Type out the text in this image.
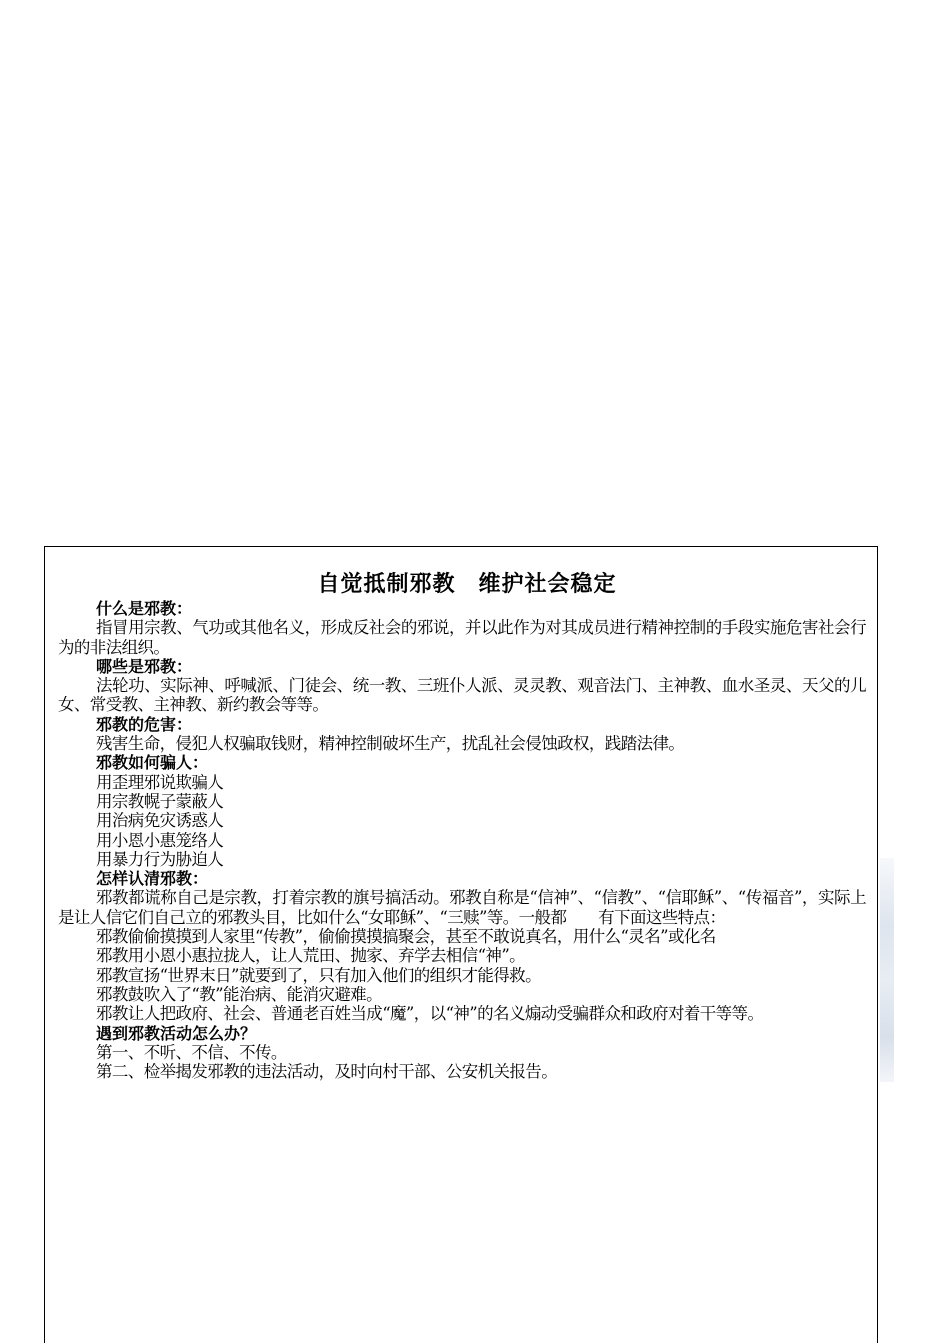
自觉抵制邪教　维护社会稳定
什么是邪教：

指冒用宗教、气功或其他名义，形成反社会的邪说，并以此作为对其成员进行精神控制的手段实施危害社会行为的非法组织。

哪些是邪教：

法轮功、实际神、呼喊派、门徒会、统一教、三班仆人派、灵灵教、观音法门、主神教、血水圣灵、天父的儿女、常受教、主神教、新约教会等等。

邪教的危害：

残害生命，侵犯人权骗取钱财，精神控制破坏生产，扰乱社会侵蚀政权，践踏法律。

邪教如何骗人：

用歪理邪说欺骗人

用宗教幌子蒙蔽人

用治病免灾诱惑人

用小恩小惠笼络人

用暴力行为胁迫人

怎样认清邪教：

邪教都谎称自己是宗教，打着宗教的旗号搞活动。邪教自称是“信神”、“信教”、“信耶稣”、“传福音”，实际上是让人信它们自己立的邪教头目，比如什么“女耶稣”、“三赎”等。一般都　　有下面这些特点：

邪教偷偷摸摸到人家里“传教”，偷偷摸摸搞聚会，甚至不敢说真名，用什么“灵名”或化名

邪教用小恩小惠拉拢人，让人荒田、抛家、弃学去相信“神”。

邪教宣扬“世界末日”就要到了，只有加入他们的组织才能得救。

邪教鼓吹入了“教”能治病、能消灾避难。

邪教让人把政府、社会、普通老百姓当成“魔”，以“神”的名义煽动受骗群众和政府对着干等等。

遇到邪教活动怎么办？

第一、不听、不信、不传。

第二、检举揭发邪教的违法活动，及时向村干部、公安机关报告。
